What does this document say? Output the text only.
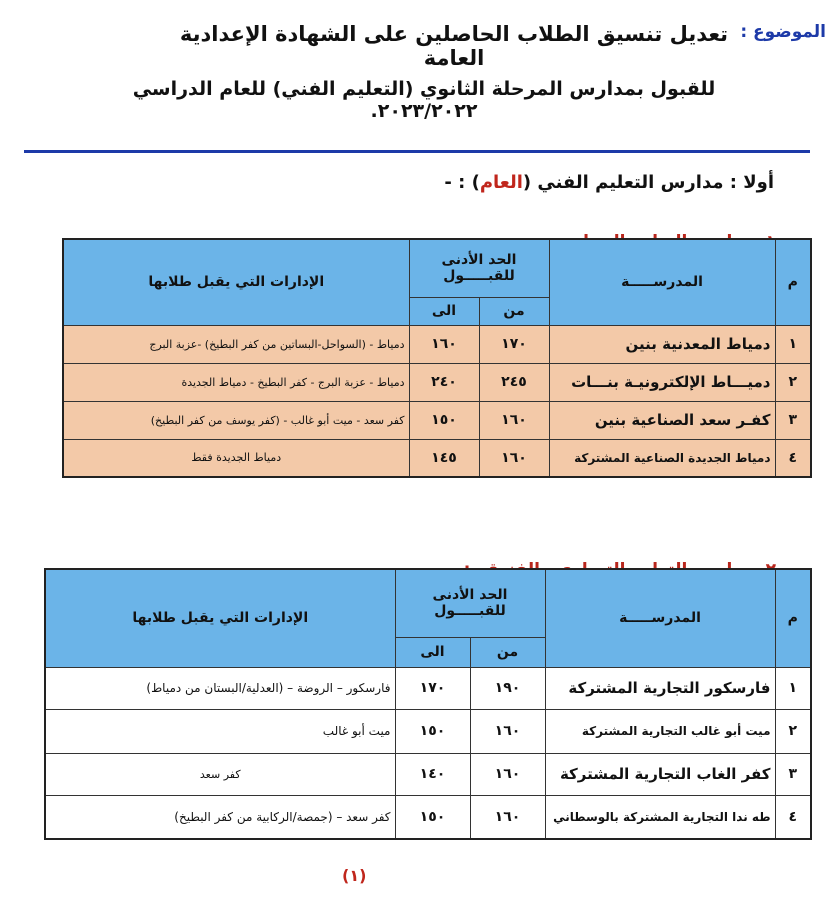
الموضوع :
تعديل تنسيق الطلاب الحاصلين على الشهادة الإعدادية العامة
للقبول بمدارس المرحلة الثانوي (التعليم الفني) للعام الدراسي ٢٠٢٣/٢٠٢٢.
أولا : مدارس التعليم الفني (العام) : -
١- مدارس التعليم الصناعي
م	المدرســـــة	الحد الأدنى
للقبـــــول		الإدارات التي يقبل طلابها
		من	الى	
١	دمياط المعدنية بنين	١٧٠	١٦٠	دمياط - (السواحل-البساتين من كفر البطيخ) -عزبة البرج
٢	دميـــاط الإلكترونيـة بنـــات	٢٤٥	٢٤٠	دمياط - عزبة البرج - كفر البطيخ - دمياط الجديدة
٣	كفـر سعد الصناعية بنين	١٦٠	١٥٠	كفر سعد - ميت أبو غالب - (كفر يوسف من كفر البطيخ)
٤	دمياط الجديدة الصناعية المشتركة	١٦٠	١٤٥	دمياط الجديدة فقط
٢- مدارس التعليم التجـاري والفندقي:
م	المدرســـــة	الحد الأدنى
للقبـــــول		الإدارات التي يقبل طلابها
		من	الى	
١	فارسكور التجارية المشتركة	١٩٠	١٧٠	فارسكور – الروضة – (العدلية/البستان من دمياط)
٢	ميت أبو غالب التجارية المشتركة	١٦٠	١٥٠	ميت أبو غالب
٣	كفر الغاب التجارية المشتركة	١٦٠	١٤٠	كفر سعد
٤	طه ندا التجارية المشتركة بالوسطاني	١٦٠	١٥٠	كفر سعد – (جمصة/الركابية من كفر البطيخ)
(١)
